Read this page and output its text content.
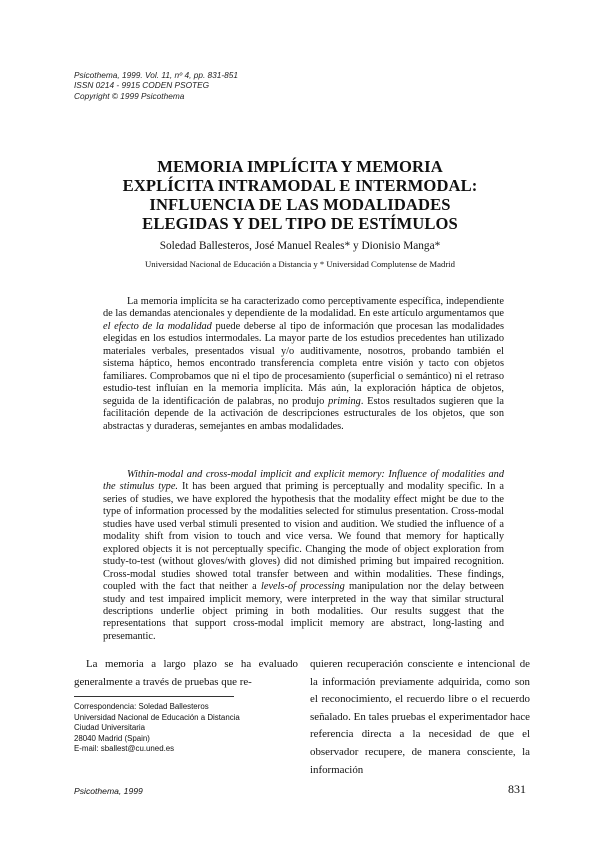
Psicothema, 1999. Vol. 11, nº 4, pp. 831-851
ISSN 0214 - 9915 CODEN PSOTEG
Copyright © 1999 Psicothema
MEMORIA IMPLÍCITA Y MEMORIA
EXPLÍCITA INTRAMODAL E INTERMODAL:
INFLUENCIA DE LAS MODALIDADES
ELEGIDAS Y DEL TIPO DE ESTÍMULOS
Soledad Ballesteros, José Manuel Reales* y Dionisio Manga*
Universidad Nacional de Educación a Distancia y * Universidad Complutense de Madrid

La memoria implícita se ha caracterizado como perceptivamente específica, independiente de las demandas atencionales y dependiente de la modalidad. En este artículo argumentamos que el efecto de la modalidad puede deberse al tipo de información que procesan las modalidades elegidas en los estudios intermodales. La mayor parte de los estudios precedentes han utilizado materiales verbales, presentados visual y/o auditivamente, nosotros, probando también el sistema háptico, hemos encontrado transferencia completa entre visión y tacto con objetos familiares. Comprobamos que ni el tipo de procesamiento (superficial o semántico) ni el retraso estudio-test influían en la memoria implícita. Más aún, la exploración háptica de objetos, seguida de la identificación de palabras, no produjo priming. Estos resultados sugieren que la facilitación depende de la activación de descripciones estructurales de los objetos, que son abstractas y duraderas, semejantes en ambas modalidades.

Within-modal and cross-modal implicit and explicit memory: Influence of modalities and the stimulus type. It has been argued that priming is perceptually and modality specific. In a series of studies, we have explored the hypothesis that the modality effect might be due to the type of information processed by the modalities selected for stimulus presentation. Cross-modal studies have used verbal stimuli presented to vision and audition. We studied the influence of a modality shift from vision to touch and vice versa. We found that memory for haptically explored objects it is not perceptually specific. Changing the mode of object exploration from study-to-test (without gloves/with gloves) did not dimished priming but impaired recognition. Cross-modal studies showed total transfer between and within modalities. These findings, coupled with the fact that neither a levels-of processing manipulation nor the delay between study and test impaired implicit memory, were interpreted in the way that similar structural descriptions underlie object priming in both modalities. Our results suggest that the representations that support cross-modal implicit memory are abstract, long-lasting and presemantic.

La memoria a largo plazo se ha evaluado generalmente a través de pruebas que re-

quieren recuperación consciente e intencional de la información previamente adquirida, como son el reconocimiento, el recuerdo libre o el recuerdo señalado. En tales pruebas el experimentador hace referencia directa a la necesidad de que el observador recupere, de manera consciente, la información

Correspondencia: Soledad Ballesteros
Universidad Nacional de Educación a Distancia
Ciudad Universitaria
28040 Madrid (Spain)
E-mail: sballest@cu.uned.es
Psicothema, 1999	831
